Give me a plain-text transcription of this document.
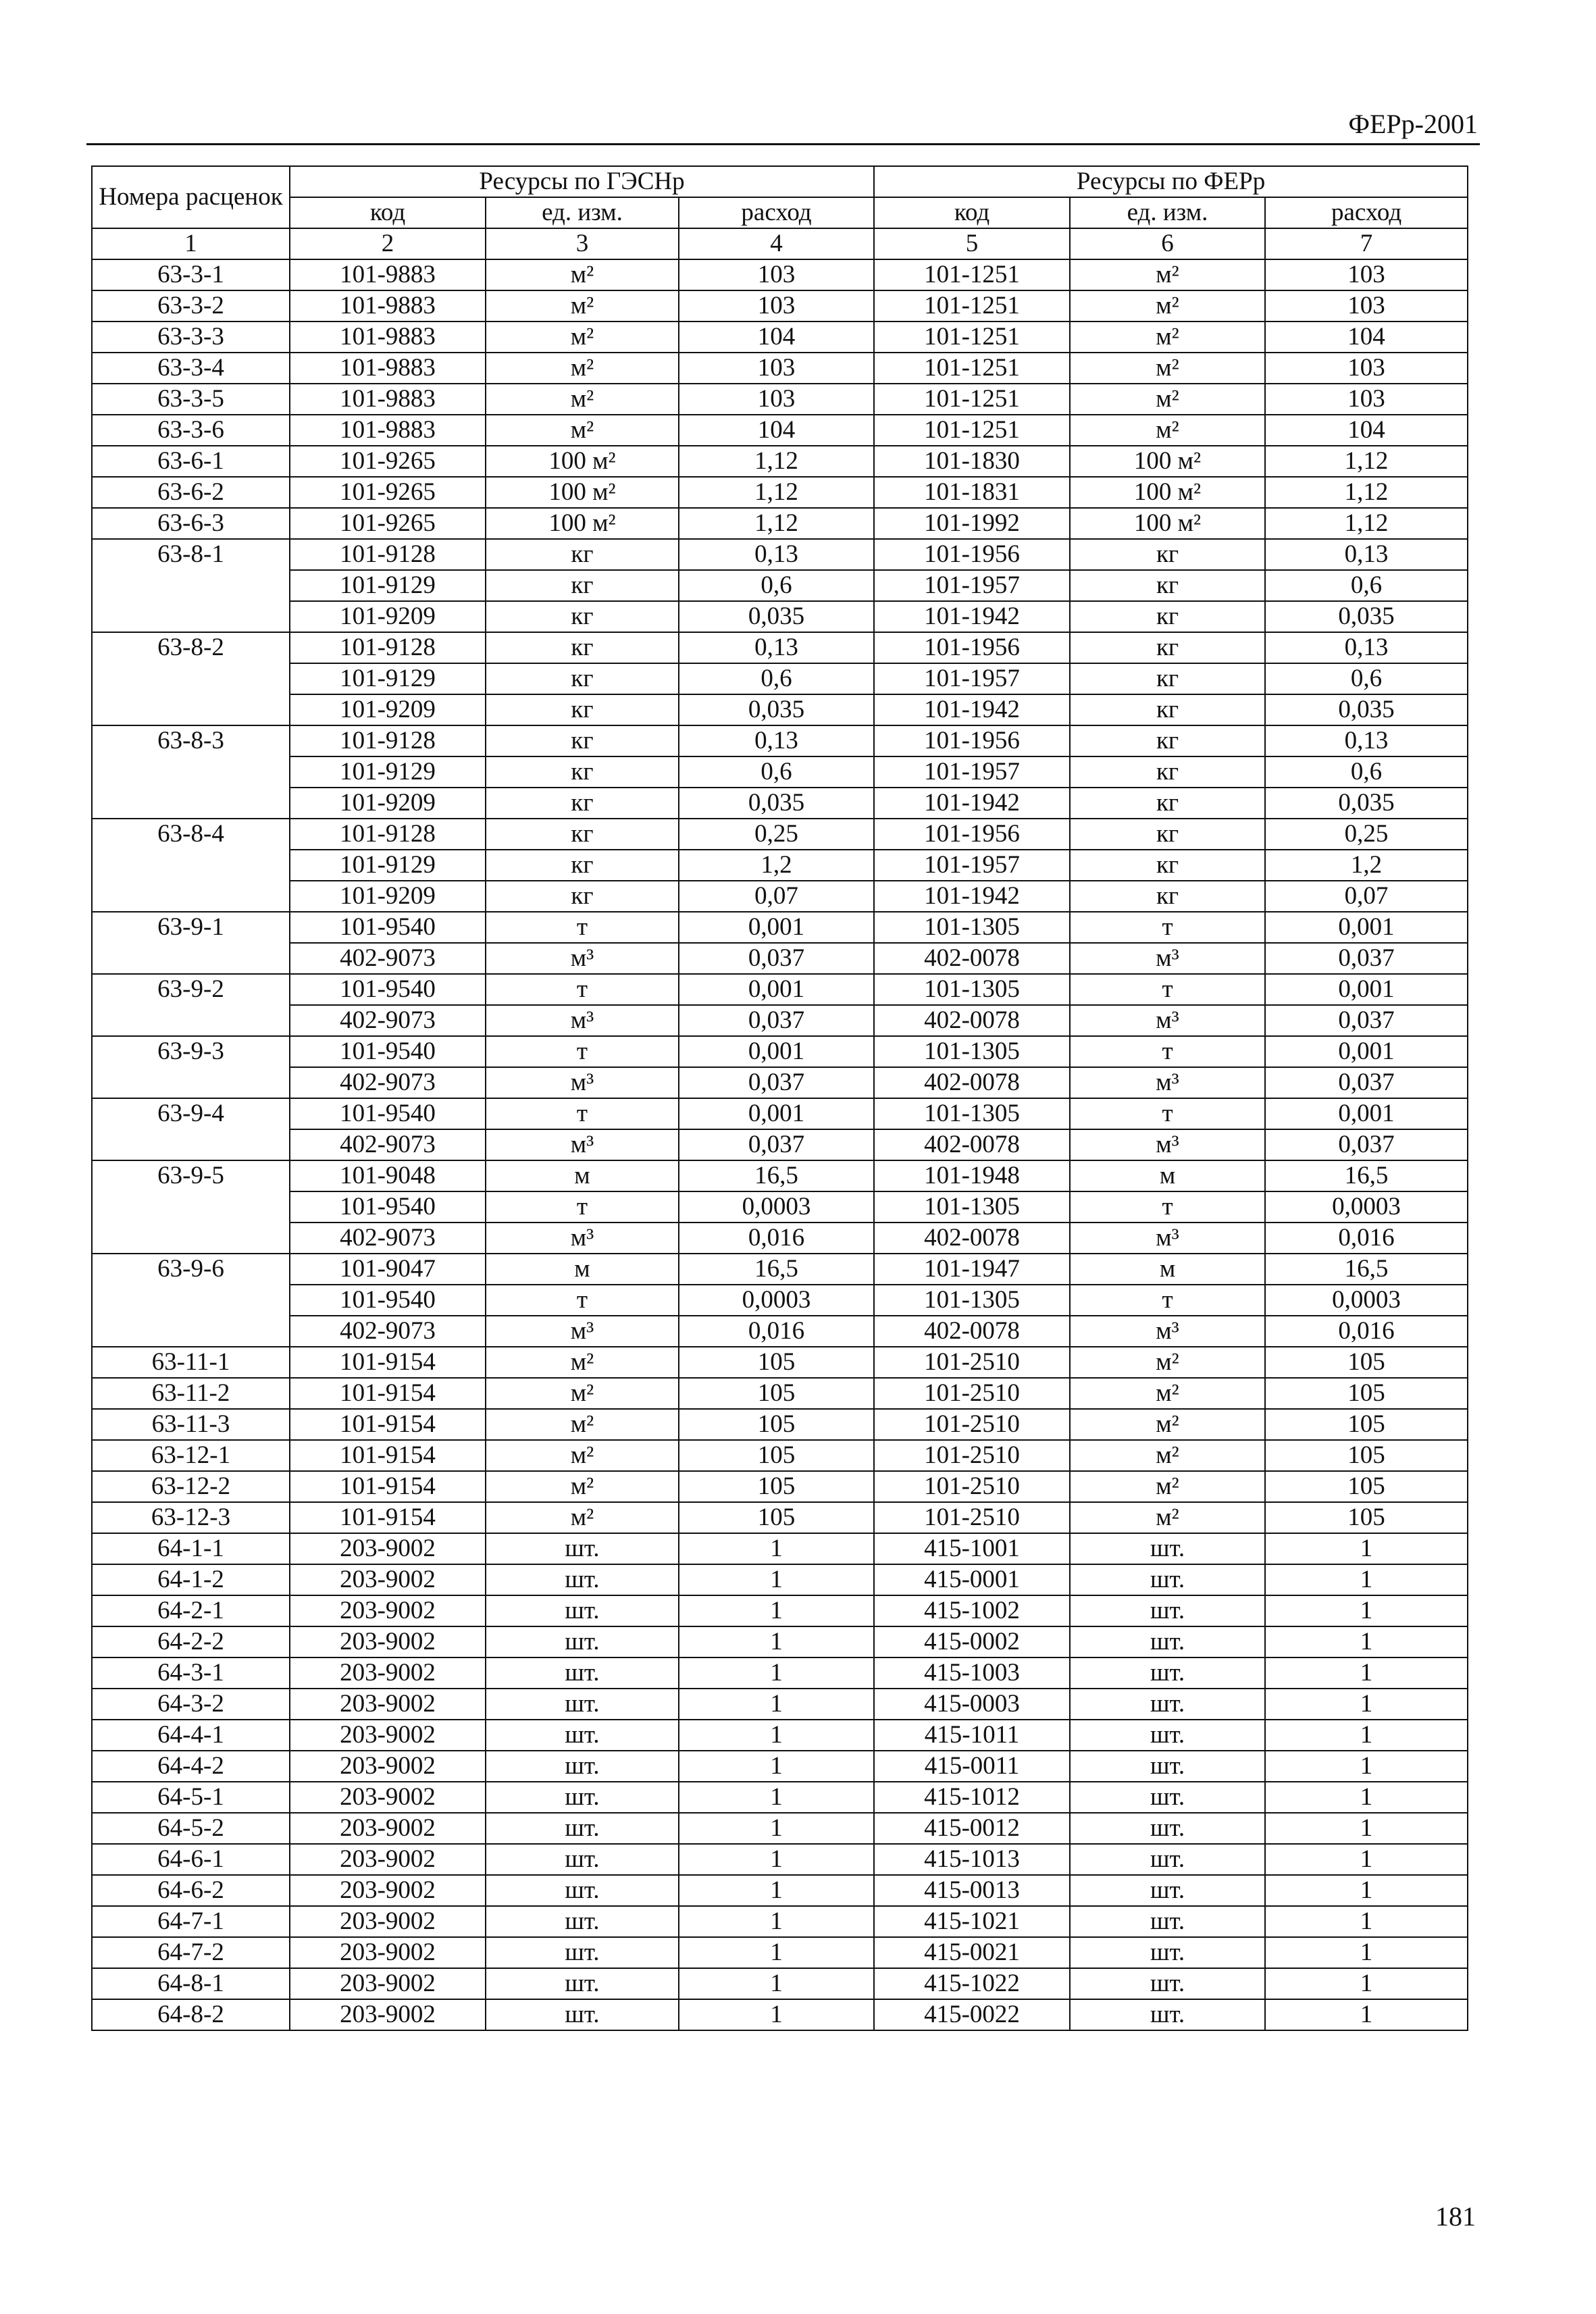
ФЕРр-2001
Номера расценок	Ресурсы по ГЭСНр			Ресурсы по ФЕРр		
	код	ед. изм.	расход	код	ед. изм.	расход
1	2	3	4	5	6	7
63-3-1	101-9883	м²	103	101-1251	м²	103
63-3-2	101-9883	м²	103	101-1251	м²	103
63-3-3	101-9883	м²	104	101-1251	м²	104
63-3-4	101-9883	м²	103	101-1251	м²	103
63-3-5	101-9883	м²	103	101-1251	м²	103
63-3-6	101-9883	м²	104	101-1251	м²	104
63-6-1	101-9265	100 м²	1,12	101-1830	100 м²	1,12
63-6-2	101-9265	100 м²	1,12	101-1831	100 м²	1,12
63-6-3	101-9265	100 м²	1,12	101-1992	100 м²	1,12
63-8-1	101-9128	кг	0,13	101-1956	кг	0,13
	101-9129	кг	0,6	101-1957	кг	0,6
	101-9209	кг	0,035	101-1942	кг	0,035
63-8-2	101-9128	кг	0,13	101-1956	кг	0,13
	101-9129	кг	0,6	101-1957	кг	0,6
	101-9209	кг	0,035	101-1942	кг	0,035
63-8-3	101-9128	кг	0,13	101-1956	кг	0,13
	101-9129	кг	0,6	101-1957	кг	0,6
	101-9209	кг	0,035	101-1942	кг	0,035
63-8-4	101-9128	кг	0,25	101-1956	кг	0,25
	101-9129	кг	1,2	101-1957	кг	1,2
	101-9209	кг	0,07	101-1942	кг	0,07
63-9-1	101-9540	т	0,001	101-1305	т	0,001
	402-9073	м³	0,037	402-0078	м³	0,037
63-9-2	101-9540	т	0,001	101-1305	т	0,001
	402-9073	м³	0,037	402-0078	м³	0,037
63-9-3	101-9540	т	0,001	101-1305	т	0,001
	402-9073	м³	0,037	402-0078	м³	0,037
63-9-4	101-9540	т	0,001	101-1305	т	0,001
	402-9073	м³	0,037	402-0078	м³	0,037
63-9-5	101-9048	м	16,5	101-1948	м	16,5
	101-9540	т	0,0003	101-1305	т	0,0003
	402-9073	м³	0,016	402-0078	м³	0,016
63-9-6	101-9047	м	16,5	101-1947	м	16,5
	101-9540	т	0,0003	101-1305	т	0,0003
	402-9073	м³	0,016	402-0078	м³	0,016
63-11-1	101-9154	м²	105	101-2510	м²	105
63-11-2	101-9154	м²	105	101-2510	м²	105
63-11-3	101-9154	м²	105	101-2510	м²	105
63-12-1	101-9154	м²	105	101-2510	м²	105
63-12-2	101-9154	м²	105	101-2510	м²	105
63-12-3	101-9154	м²	105	101-2510	м²	105
64-1-1	203-9002	шт.	1	415-1001	шт.	1
64-1-2	203-9002	шт.	1	415-0001	шт.	1
64-2-1	203-9002	шт.	1	415-1002	шт.	1
64-2-2	203-9002	шт.	1	415-0002	шт.	1
64-3-1	203-9002	шт.	1	415-1003	шт.	1
64-3-2	203-9002	шт.	1	415-0003	шт.	1
64-4-1	203-9002	шт.	1	415-1011	шт.	1
64-4-2	203-9002	шт.	1	415-0011	шт.	1
64-5-1	203-9002	шт.	1	415-1012	шт.	1
64-5-2	203-9002	шт.	1	415-0012	шт.	1
64-6-1	203-9002	шт.	1	415-1013	шт.	1
64-6-2	203-9002	шт.	1	415-0013	шт.	1
64-7-1	203-9002	шт.	1	415-1021	шт.	1
64-7-2	203-9002	шт.	1	415-0021	шт.	1
64-8-1	203-9002	шт.	1	415-1022	шт.	1
64-8-2	203-9002	шт.	1	415-0022	шт.	1
181
